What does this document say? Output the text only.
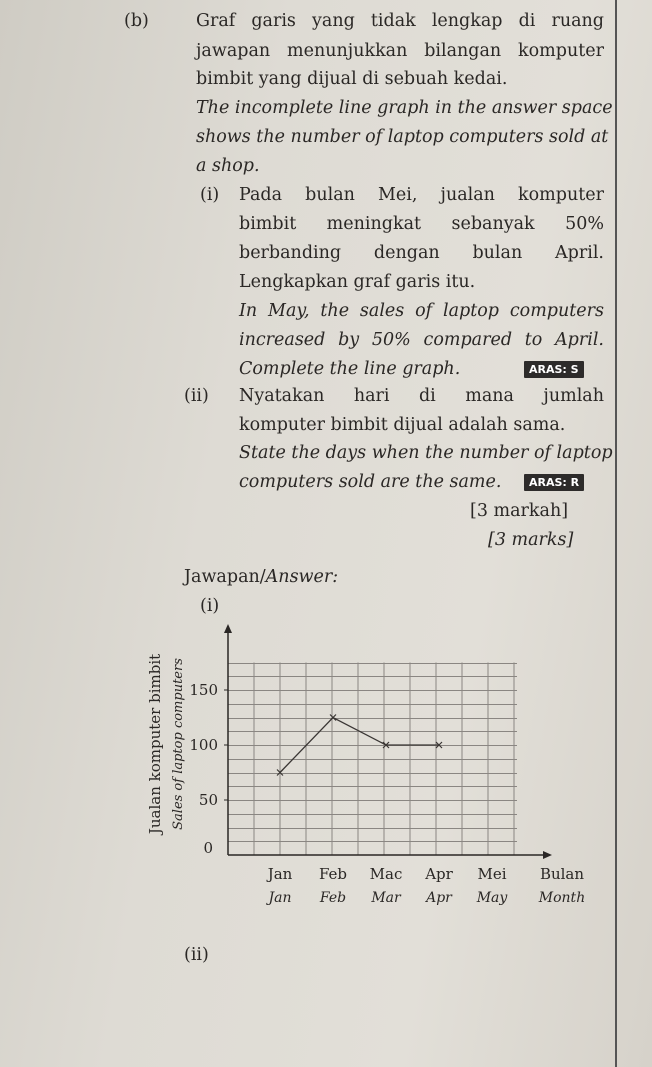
(b)	Graf garis yang tidak lengkap di ruang
jawapan menunjukkan bilangan komputer
bimbit yang dijual di sebuah kedai.
The incomplete line graph in the answer space
shows the number of laptop computers sold at
a shop.
(i) Pada bulan Mei, jualan komputer
bimbit meningkat sebanyak 50%
berbanding dengan bulan April.
Lengkapkan graf garis itu.
In May, the sales of laptop computers
increased by 50% compared to April.
Complete the line graph.	ARAS: S
(ii) Nyatakan hari di mana jumlah
komputer bimbit dijual adalah sama.
State the days when the number of laptop
computers sold are the same.	ARAS: R
[3 markah]
[3 marks]
Jawapan/Answer:
(i)
(ii)
0
50
100
150
Jan Feb Mac Apr Mei
Jan Feb Mar Apr May
Bulan
Month
Jualan komputer bimbit Sales of laptop computers
